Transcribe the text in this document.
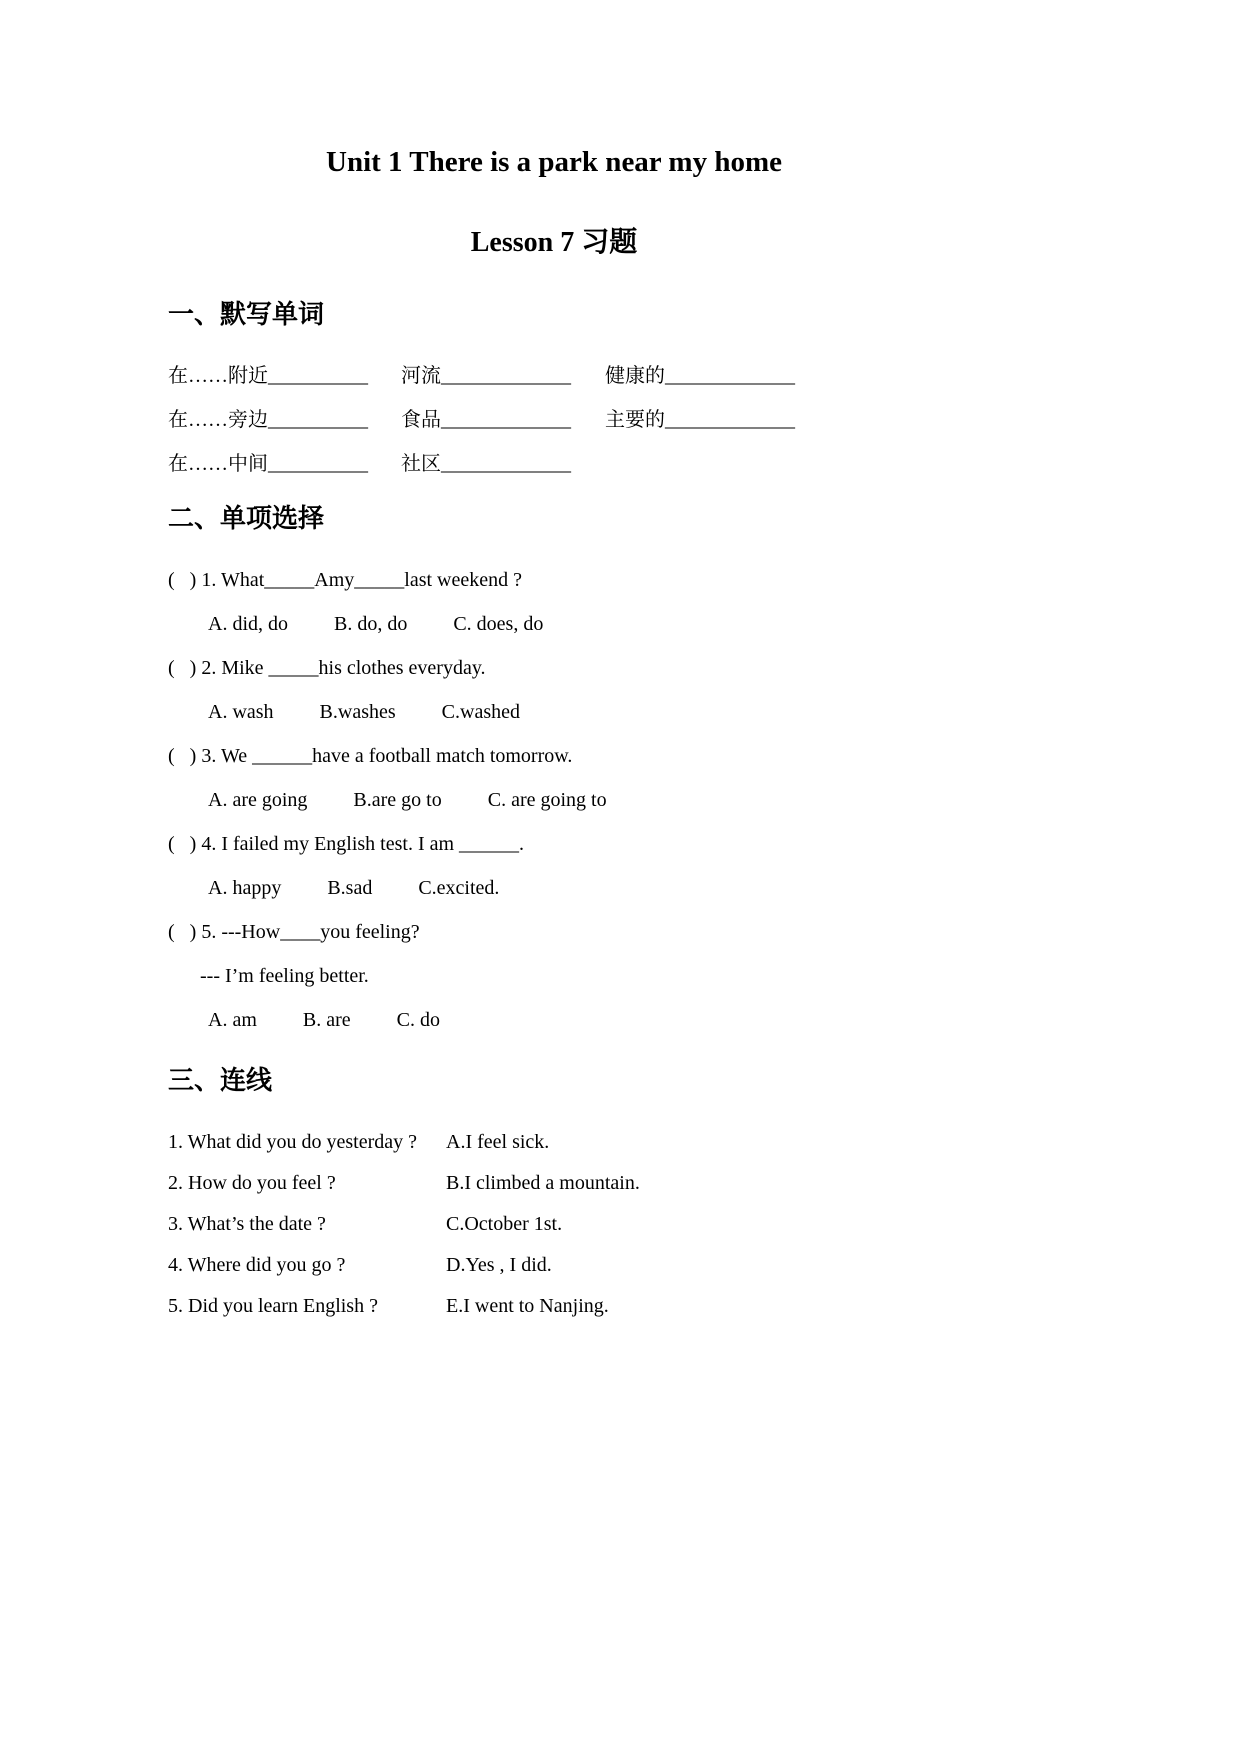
Unit 1 There is a park near my home
Lesson 7 习题
一、默写单词
在……附近__________	河流_____________	健康的_____________
在……旁边__________	食品_____________	主要的_____________
在……中间__________	社区_____________
二、单项选择
(   ) 1. What_____Amy_____last weekend ?
A. did, do B. do, do C. does, do
(   ) 2. Mike _____his clothes everyday.
A. wash B.washes C.washed
(   ) 3. We ______have a football match tomorrow.
A. are going B.are go to C. are going to
(   ) 4. I failed my English test. I am ______.
A. happy B.sad C.excited.
(   ) 5. ---How____you feeling?
--- I’m feeling better.
A. am B. are C. do
三、连线
1. What did you do yesterday ?	A.I feel sick.
2. How do you feel ?	B.I climbed a mountain.
3. What’s the date ?	C.October 1st.
4. Where did you go ?	D.Yes , I did.
5. Did you learn English ?	E.I went to Nanjing.
